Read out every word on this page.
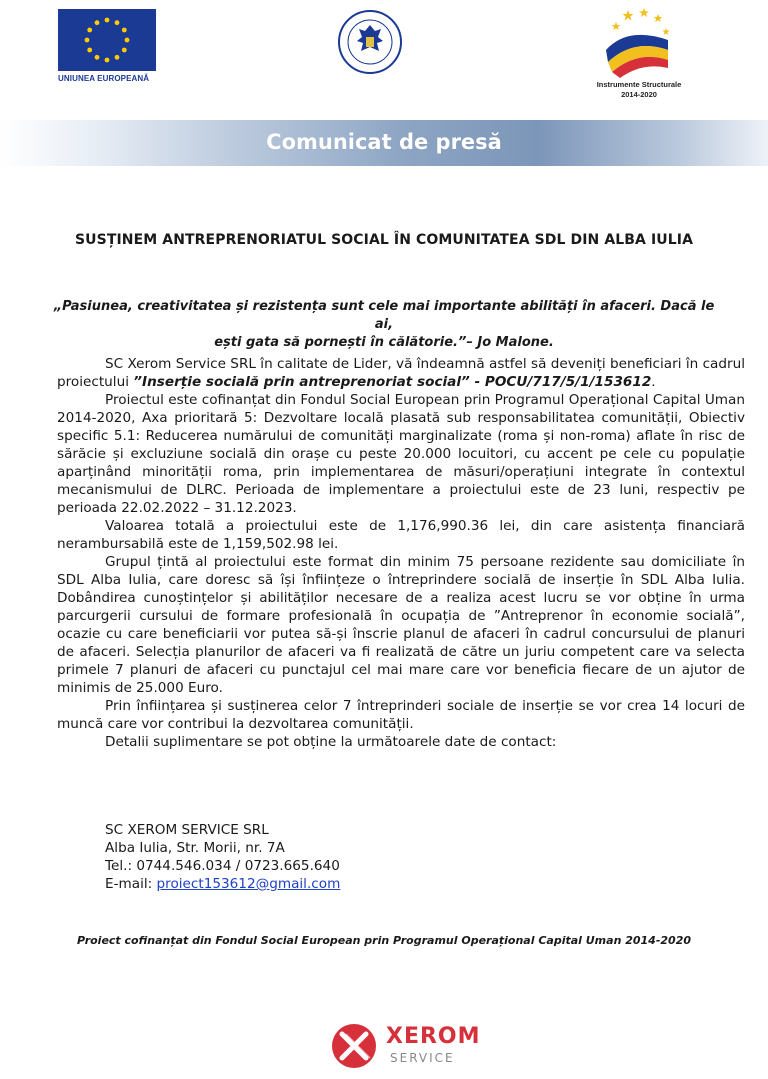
UNIUNEA EUROPEANĂ
Instrumente Structurale
2014-2020
Comunicat de presă
SUSȚINEM ANTREPRENORIATUL SOCIAL ÎN COMUNITATEA SDL DIN ALBA IULIA
„Pasiunea, creativitatea și rezistența sunt cele mai importante abilități în afaceri. Dacă le ai,
ești gata să pornești în călătorie.”– Jo Malone.

SC Xerom Service SRL în calitate de Lider, vă îndeamnă astfel să deveniți beneficiari în cadrul proiectului ”Inserție socială prin antreprenoriat social” - POCU/717/5/1/153612.

Proiectul este cofinanțat din Fondul Social European prin Programul Operațional Capital Uman 2014-2020, Axa prioritară 5: Dezvoltare locală plasată sub responsabilitatea comunității, Obiectiv specific 5.1: Reducerea numărului de comunități marginalizate (roma și non-roma) aflate în risc de sărăcie și excluziune socială din orașe cu peste 20.000 locuitori, cu accent pe cele cu populație aparținând minorității roma, prin implementarea de măsuri/operațiuni integrate în contextul mecanismului de DLRC. Perioada de implementare a proiectului este de 23 luni, respectiv pe perioada 22.02.2022 – 31.12.2023.

Valoarea totală a proiectului este de 1,176,990.36 lei, din care asistența financiară nerambursabilă este de 1,159,502.98 lei.

Grupul țintă al proiectului este format din minim 75 persoane rezidente sau domiciliate în SDL Alba Iulia, care doresc să își înființeze o întreprindere socială de inserție în SDL Alba Iulia. Dobândirea cunoștințelor și abilităților necesare de a realiza acest lucru se vor obține în urma parcurgerii cursului de formare profesională în ocupația de ”Antreprenor în economie socială”, ocazie cu care beneficiarii vor putea să-și înscrie planul de afaceri în cadrul concursului de planuri de afaceri. Selecția planurilor de afaceri va fi realizată de către un juriu competent care va selecta primele 7 planuri de afaceri cu punctajul cel mai mare care vor beneficia fiecare de un ajutor de minimis de 25.000 Euro.

Prin înființarea și susținerea celor 7 întreprinderi sociale de inserție se vor crea 14 locuri de muncă care vor contribui la dezvoltarea comunității.

Detalii suplimentare se pot obține la următoarele date de contact:

SC XEROM SERVICE SRL
Alba Iulia, Str. Morii, nr. 7A
Tel.: 0744.546.034 / 0723.665.640
E-mail: proiect153612@gmail.com
Proiect cofinanțat din Fondul Social European prin Programul Operațional Capital Uman 2014-2020
XEROM
SERVICE
